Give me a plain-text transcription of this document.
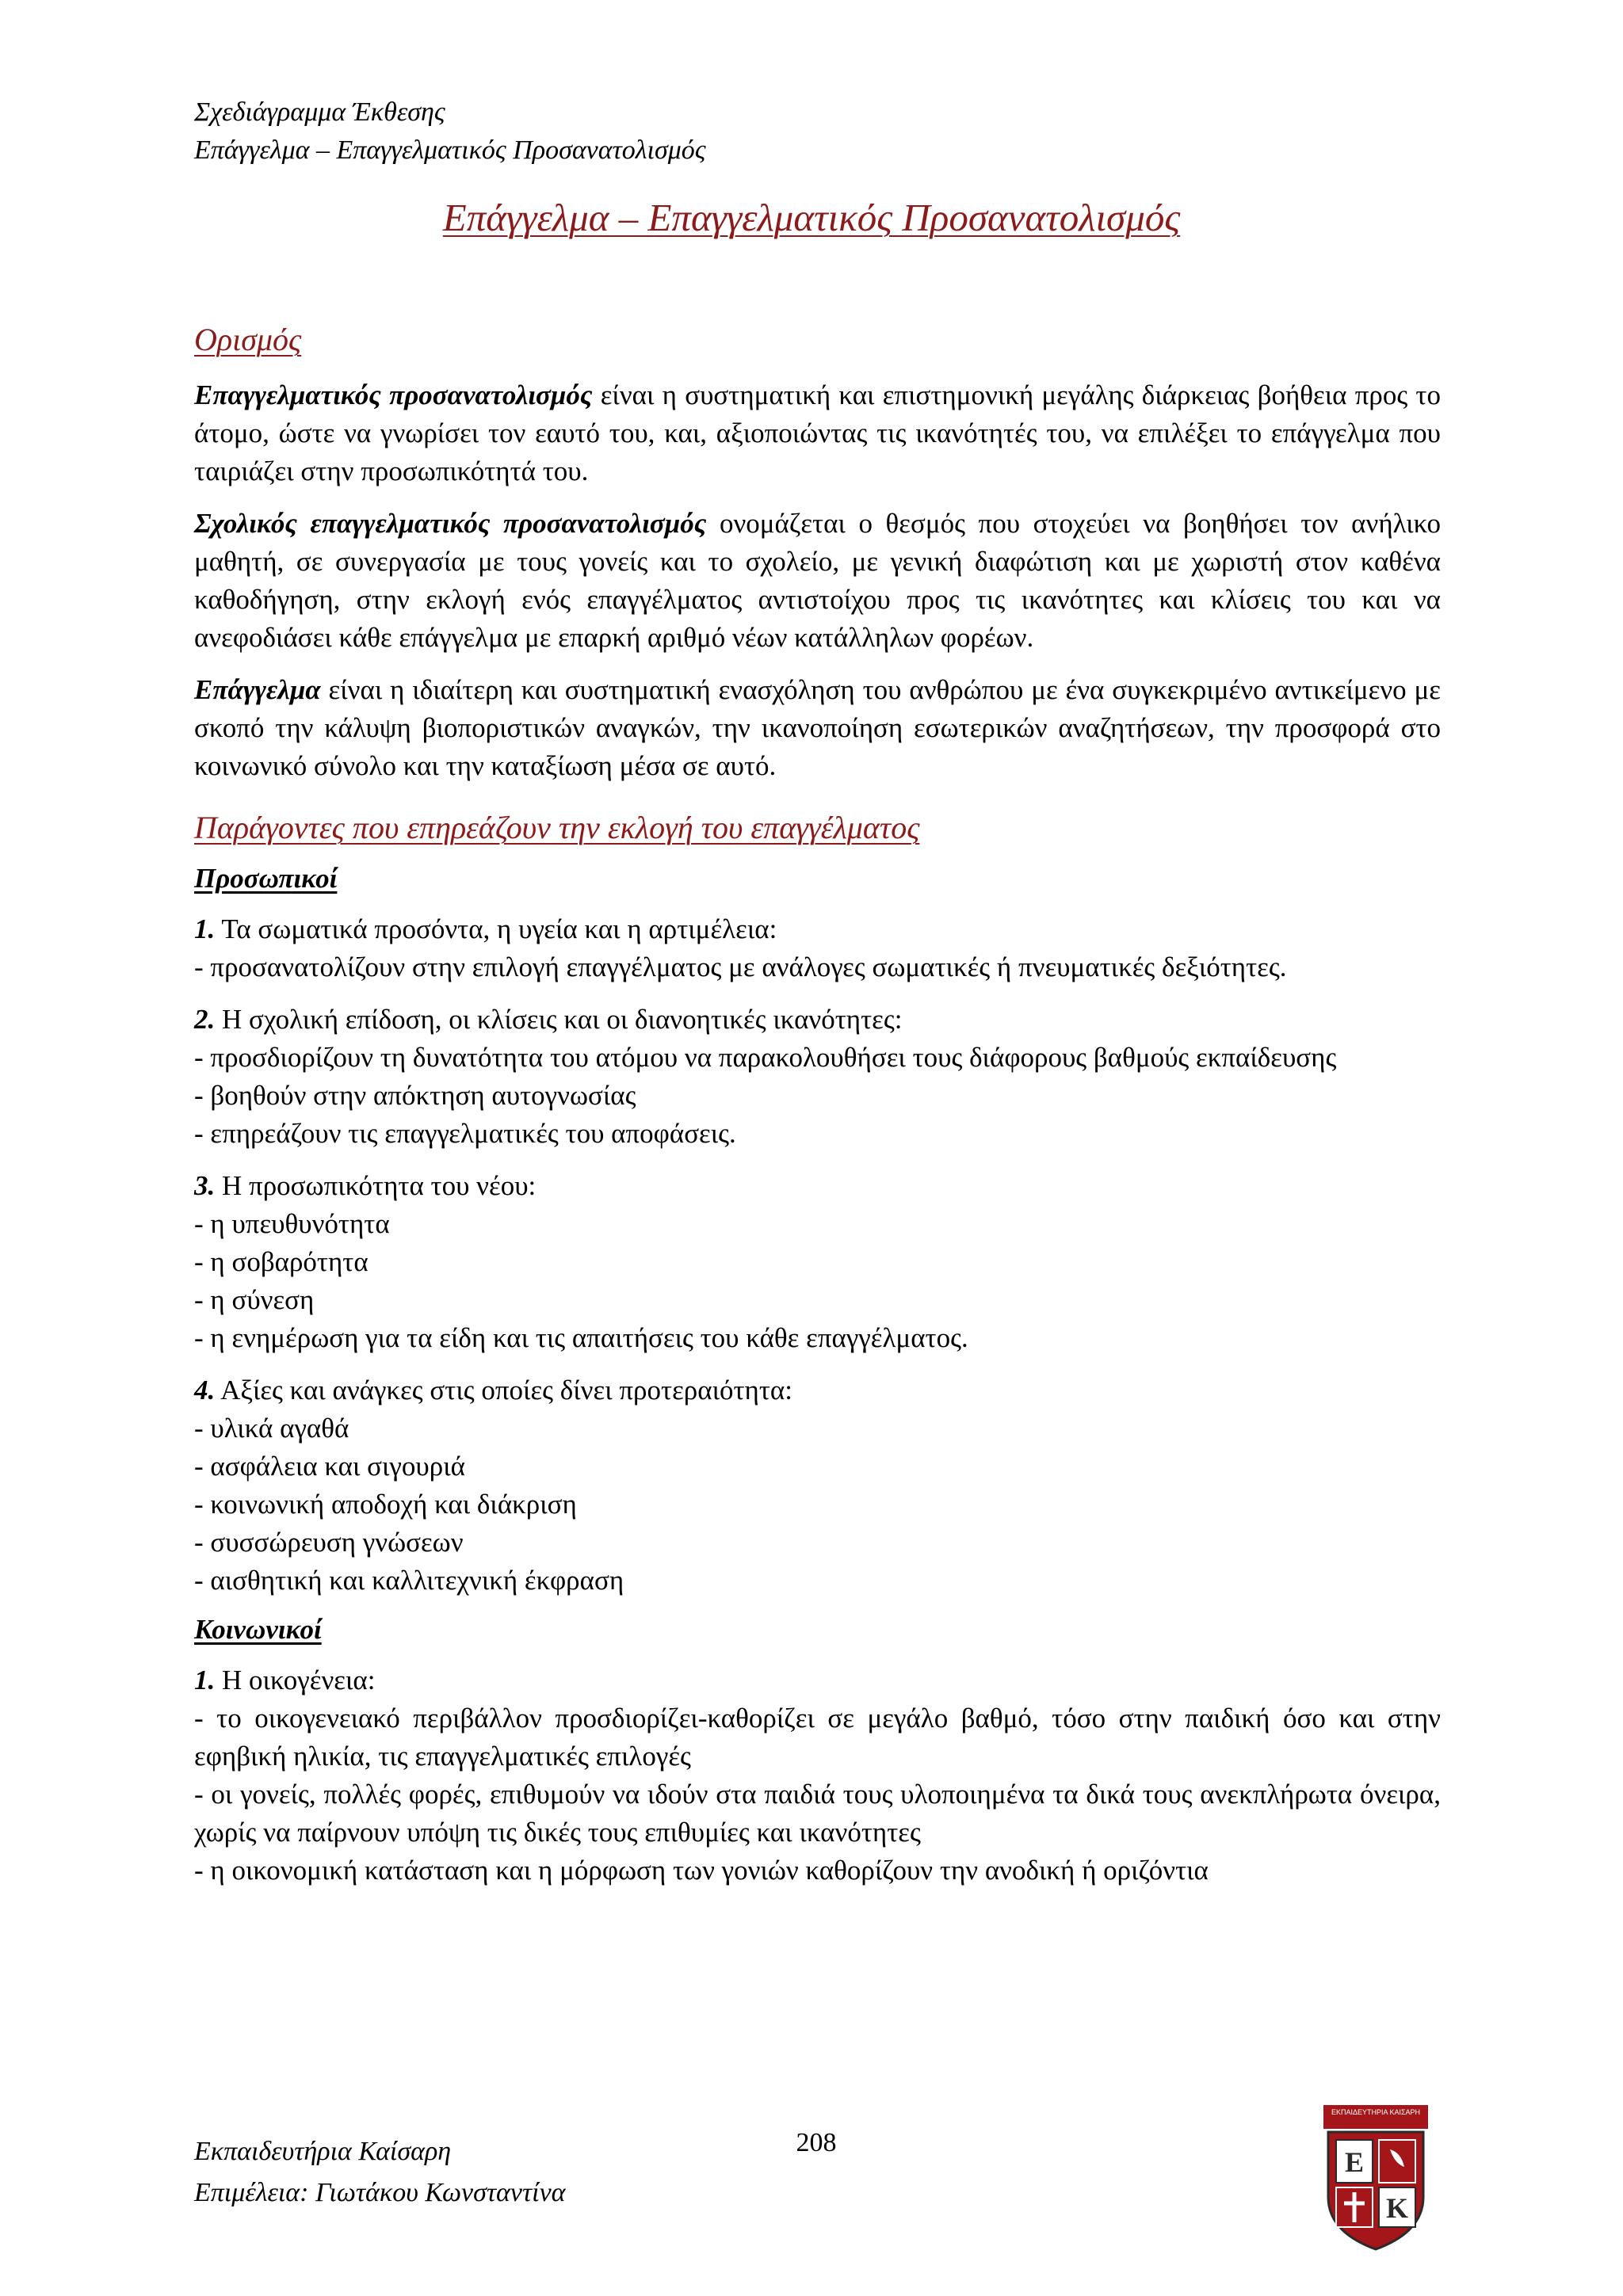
Σχεδιάγραμμα Έκθεσης
Επάγγελμα – Επαγγελματικός Προσανατολισμός
Επάγγελμα – Επαγγελματικός Προσανατολισμός
Ορισμός

Επαγγελματικός προσανατολισμός είναι η συστηματική και επιστημονική μεγάλης διάρκειας βοήθεια προς το άτομο, ώστε να γνωρίσει τον εαυτό του, και, αξιοποιώντας τις ικανότητές του, να επιλέξει το επάγγελμα που ταιριάζει στην προσωπικότητά του.

Σχολικός επαγγελματικός προσανατολισμός ονομάζεται ο θεσμός που στοχεύει να βοηθήσει τον ανήλικο μαθητή, σε συνεργασία με τους γονείς και το σχολείο, με γενική διαφώτιση και με χωριστή στον καθένα καθοδήγηση, στην εκλογή ενός επαγγέλματος αντιστοίχου προς τις ικανότητες και κλίσεις του και να ανεφοδιάσει κάθε επάγγελμα με επαρκή αριθμό νέων κατάλληλων φορέων.

Επάγγελμα είναι η ιδιαίτερη και συστηματική ενασχόληση του ανθρώπου με ένα συγκεκριμένο αντικείμενο με σκοπό την κάλυψη βιοποριστικών αναγκών, την ικανοποίηση εσωτερικών αναζητήσεων, την προσφορά στο κοινωνικό σύνολο και την καταξίωση μέσα σε αυτό.

Παράγοντες που επηρεάζουν την εκλογή του επαγγέλματος
Προσωπικοί

1. Τα σωματικά προσόντα, η υγεία και η αρτιμέλεια:

- προσανατολίζουν στην επιλογή επαγγέλματος με ανάλογες σωματικές ή πνευματικές δεξιότητες.

2. Η σχολική επίδοση, οι κλίσεις και οι διανοητικές ικανότητες:

- προσδιορίζουν τη δυνατότητα του ατόμου να παρακολουθήσει τους διάφορους βαθμούς εκπαίδευσης

- βοηθούν στην απόκτηση αυτογνωσίας

- επηρεάζουν τις επαγγελματικές του αποφάσεις.

3. Η προσωπικότητα του νέου:

- η υπευθυνότητα

- η σοβαρότητα

- η σύνεση

- η ενημέρωση για τα είδη και τις απαιτήσεις του κάθε επαγγέλματος.

4. Αξίες και ανάγκες στις οποίες δίνει προτεραιότητα:

- υλικά αγαθά

- ασφάλεια και σιγουριά

- κοινωνική αποδοχή και διάκριση

- συσσώρευση γνώσεων

- αισθητική και καλλιτεχνική έκφραση

Κοινωνικοί

1. Η οικογένεια:

- το οικογενειακό περιβάλλον προσδιορίζει-καθορίζει σε μεγάλο βαθμό, τόσο στην παιδική όσο και στην εφηβική ηλικία, τις επαγγελματικές επιλογές

- οι γονείς, πολλές φορές, επιθυμούν να ιδούν στα παιδιά τους υλοποιημένα τα δικά τους ανεκπλήρωτα όνειρα, χωρίς να παίρνουν υπόψη τις δικές τους επιθυμίες και ικανότητες

- η οικονομική κατάσταση και η μόρφωση των γονιών καθορίζουν την ανοδική ή οριζόντια

Εκπαιδευτήρια Καίσαρη
Επιμέλεια: Γιωτάκου Κωνσταντίνα
208
ΕΚΠΑΙΔΕΥΤΗΡΙΑ ΚΑΙΣΑΡΗ
Ε
Κ
